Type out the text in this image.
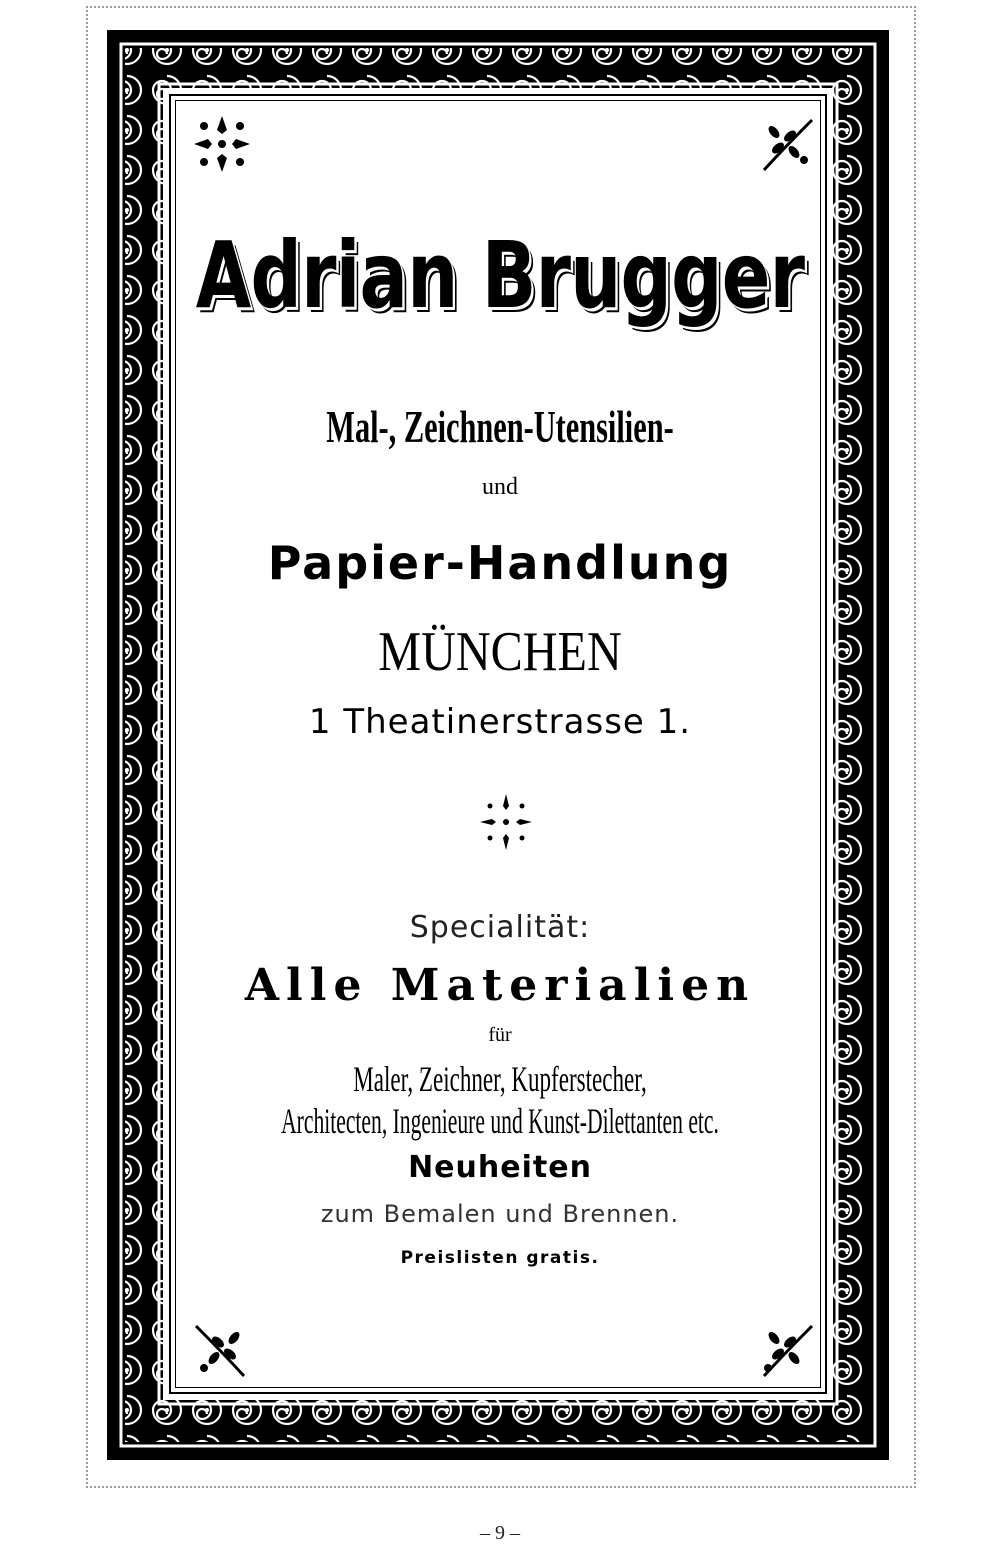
Adrian Brugger
Mal-, Zeichnen-Utensilien-
und
Papier-Handlung
MÜNCHEN
1 Theatinerstrasse 1.
Specialität:
Alle Materialien
für
Maler, Zeichner, Kupferstecher,
Architecten, Ingenieure und Kunst-Dilettanten etc.
Neuheiten
zum Bemalen und Brennen.
Preislisten gratis.
– 9 –
